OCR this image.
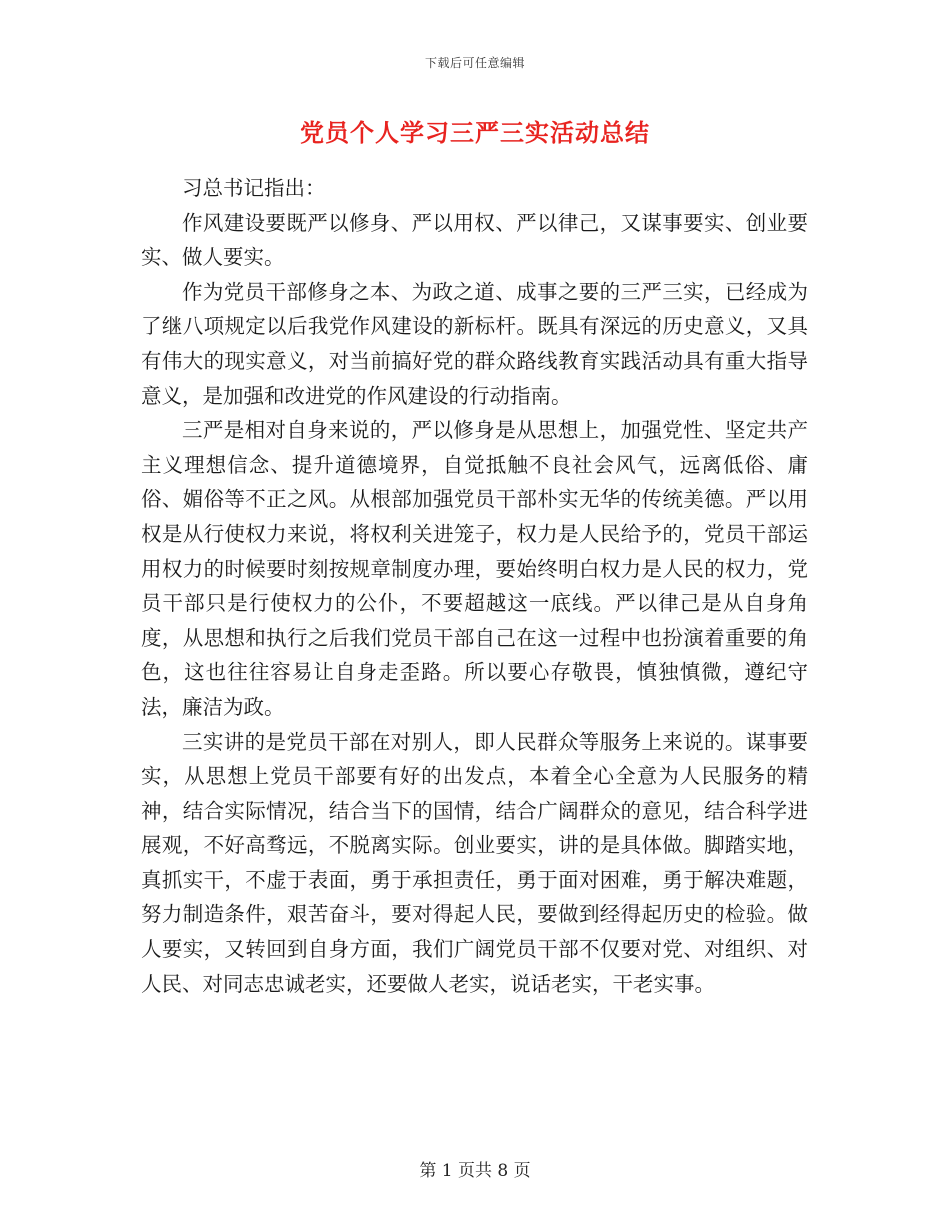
下载后可任意编辑
党员个人学习三严三实活动总结

习总书记指出：

作风建设要既严以修身、严以用权、严以律己，又谋事要实、创业要实、做人要实。

作为党员干部修身之本、为政之道、成事之要的三严三实，已经成为了继八项规定以后我党作风建设的新标杆。既具有深远的历史意义，又具有伟大的现实意义，对当前搞好党的群众路线教育实践活动具有重大指导意义，是加强和改进党的作风建设的行动指南。

三严是相对自身来说的，严以修身是从思想上，加强党性、坚定共产主义理想信念、提升道德境界，自觉抵触不良社会风气，远离低俗、庸俗、媚俗等不正之风。从根部加强党员干部朴实无华的传统美德。严以用权是从行使权力来说，将权利关进笼子，权力是人民给予的，党员干部运用权力的时候要时刻按规章制度办理，要始终明白权力是人民的权力，党员干部只是行使权力的公仆，不要超越这一底线。严以律己是从自身角度，从思想和执行之后我们党员干部自己在这一过程中也扮演着重要的角色，这也往往容易让自身走歪路。所以要心存敬畏，慎独慎微，遵纪守法，廉洁为政。

三实讲的是党员干部在对别人，即人民群众等服务上来说的。谋事要实，从思想上党员干部要有好的出发点，本着全心全意为人民服务的精神，结合实际情况，结合当下的国情，结合广阔群众的意见，结合科学进展观，不好高骛远，不脱离实际。创业要实，讲的是具体做。脚踏实地，真抓实干，不虚于表面，勇于承担责任，勇于面对困难，勇于解决难题，努力制造条件，艰苦奋斗，要对得起人民，要做到经得起历史的检验。做人要实，又转回到自身方面，我们广阔党员干部不仅要对党、对组织、对人民、对同志忠诚老实，还要做人老实，说话老实，干老实事。

第 1 页共 8 页
